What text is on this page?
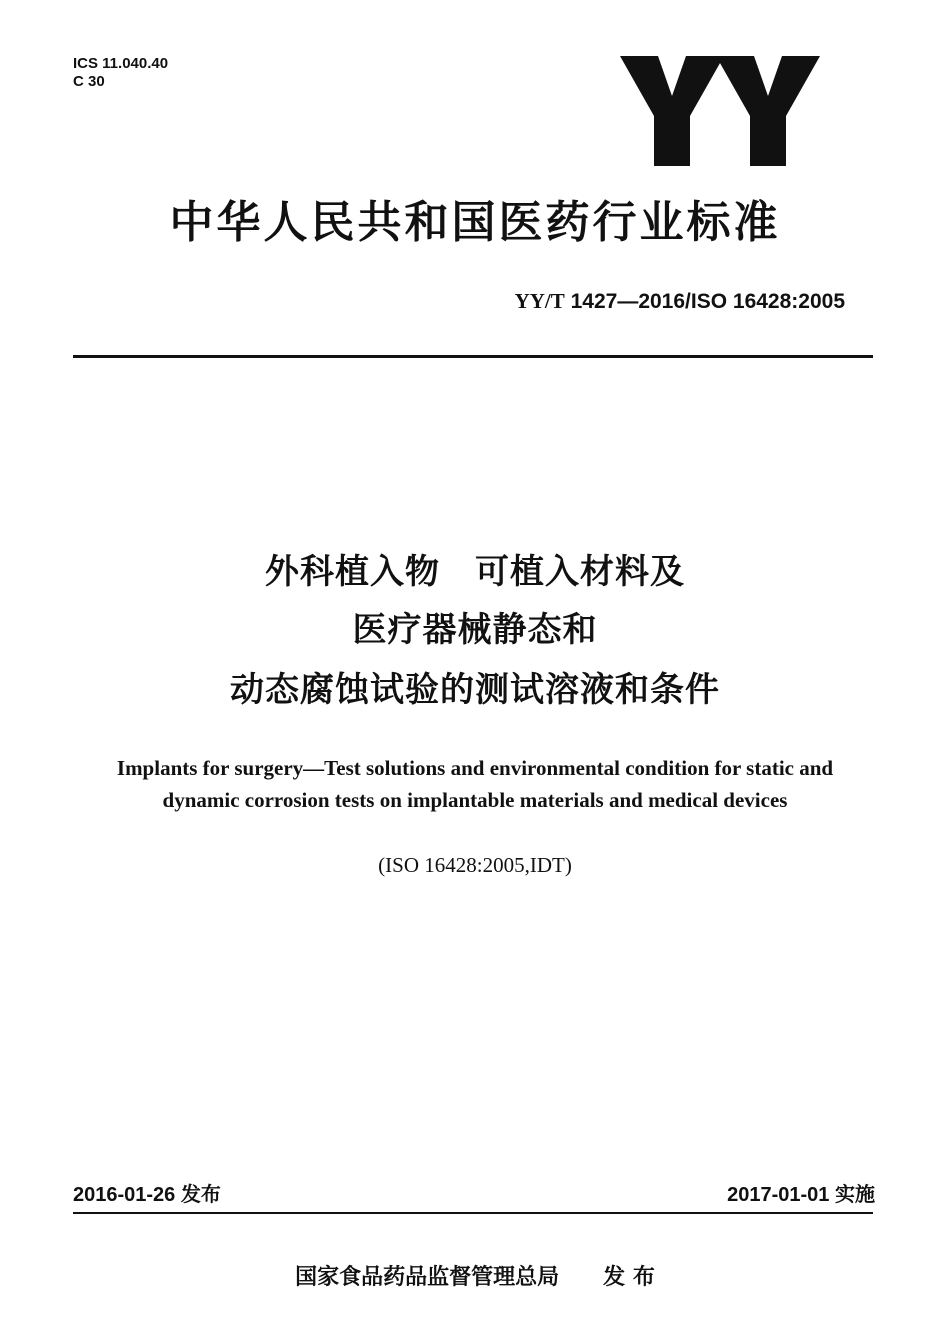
ICS 11.040.40
C 30
中华人民共和国医药行业标准
YY/T 1427—2016/ISO 16428:2005
外科植入物　可植入材料及
医疗器械静态和
动态腐蚀试验的测试溶液和条件
Implants for surgery—Test solutions and environmental condition for static and
dynamic corrosion tests on implantable materials and medical devices
(ISO 16428:2005,IDT)
2016-01-26 发布	2017-01-01 实施
国家食品药品监督管理总局 发 布
